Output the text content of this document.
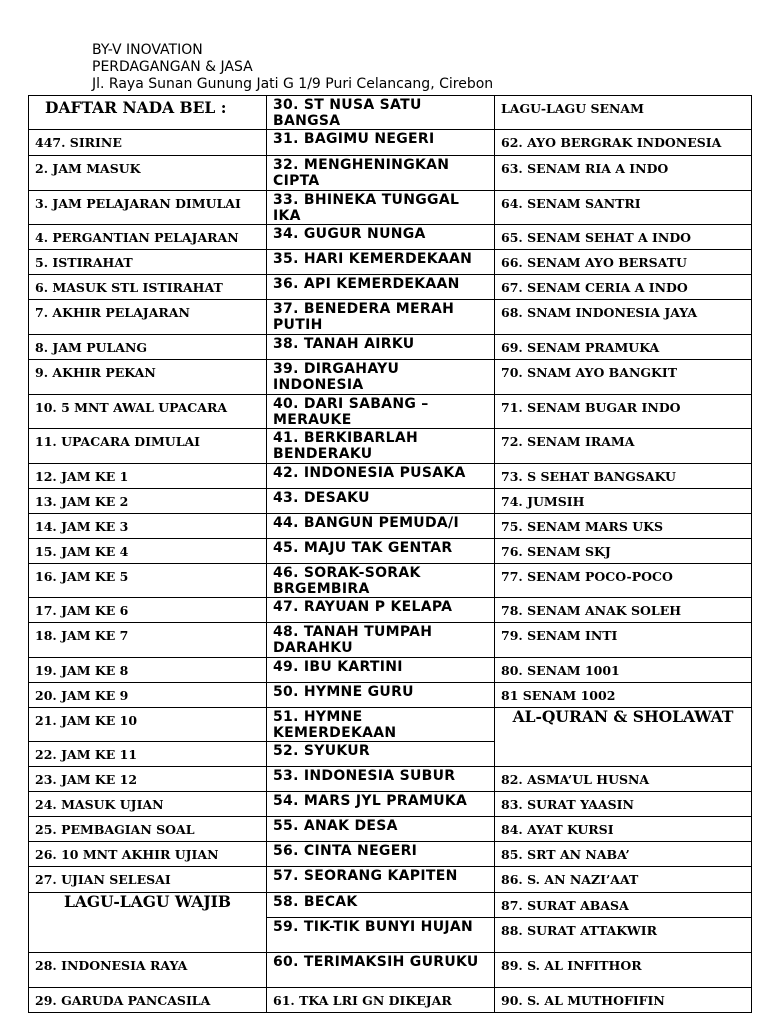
BY-V INOVATION
PERDAGANGAN & JASA
Jl. Raya Sunan Gunung Jati G 1/9 Puri Celancang, Cirebon
DAFTAR NADA BEL :	30. ST NUSA SATU BANGSA	LAGU-LAGU SENAM

447. SIRINE	31. BAGIMU NEGERI	62. AYO BERGRAK INDONESIA

2. JAM MASUK	32. MENGHENINGKAN CIPTA	63. SENAM RIA A INDO

3. JAM PELAJARAN DIMULAI	33. BHINEKA TUNGGAL IKA	64. SENAM SANTRI

4. PERGANTIAN PELAJARAN	34. GUGUR NUNGA	65. SENAM SEHAT A INDO

5. ISTIRAHAT	35. HARI KEMERDEKAAN	66. SENAM AYO BERSATU

6. MASUK STL ISTIRAHAT	36. API KEMERDEKAAN	67. SENAM CERIA A INDO

7. AKHIR PELAJARAN	37. BENEDERA MERAH PUTIH	68. SNAM INDONESIA JAYA

8. JAM PULANG	38. TANAH AIRKU	69. SENAM PRAMUKA

9. AKHIR PEKAN	39. DIRGAHAYU INDONESIA	70. SNAM AYO BANGKIT

10. 5 MNT AWAL UPACARA	40. DARI SABANG – MERAUKE	71. SENAM BUGAR INDO

11. UPACARA DIMULAI	41. BERKIBARLAH BENDERAKU	72. SENAM IRAMA

12. JAM KE 1	42. INDONESIA PUSAKA	73. S SEHAT BANGSAKU

13. JAM KE 2	43. DESAKU	74. JUMSIH

14. JAM KE 3	44. BANGUN PEMUDA/I	75. SENAM MARS UKS

15. JAM KE 4	45. MAJU TAK GENTAR	76. SENAM SKJ

16. JAM KE 5	46. SORAK-SORAK BRGEMBIRA	77. SENAM POCO-POCO

17. JAM KE 6	47. RAYUAN P KELAPA	78. SENAM ANAK SOLEH

18. JAM KE 7	48. TANAH TUMPAH DARAHKU	79. SENAM INTI

19. JAM KE 8	49. IBU KARTINI	80. SENAM 1001

20. JAM KE 9	50. HYMNE GURU	81 SENAM 1002

21. JAM KE 10	51. HYMNE KEMERDEKAAN	AL-QURAN & SHOLAWAT

22. JAM KE 11	52. SYUKUR	

23. JAM KE 12	53. INDONESIA SUBUR	82. ASMA’UL HUSNA

24. MASUK UJIAN	54. MARS JYL PRAMUKA	83. SURAT YAASIN

25. PEMBAGIAN SOAL	55. ANAK DESA	84. AYAT KURSI

26. 10 MNT AKHIR UJIAN	56. CINTA NEGERI	85. SRT AN NABA’

27. UJIAN SELESAI	57. SEORANG KAPITEN	86. S. AN NAZI’AAT

LAGU-LAGU WAJIB	58. BECAK	87. SURAT ABASA

	59. TIK-TIK BUNYI HUJAN	88. SURAT ATTAKWIR

28. INDONESIA RAYA	60. TERIMAKSIH GURUKU	89. S. AL INFITHOR

29. GARUDA PANCASILA	61. TKA LRI GN DIKEJAR	90. S. AL MUTHOFIFIN
